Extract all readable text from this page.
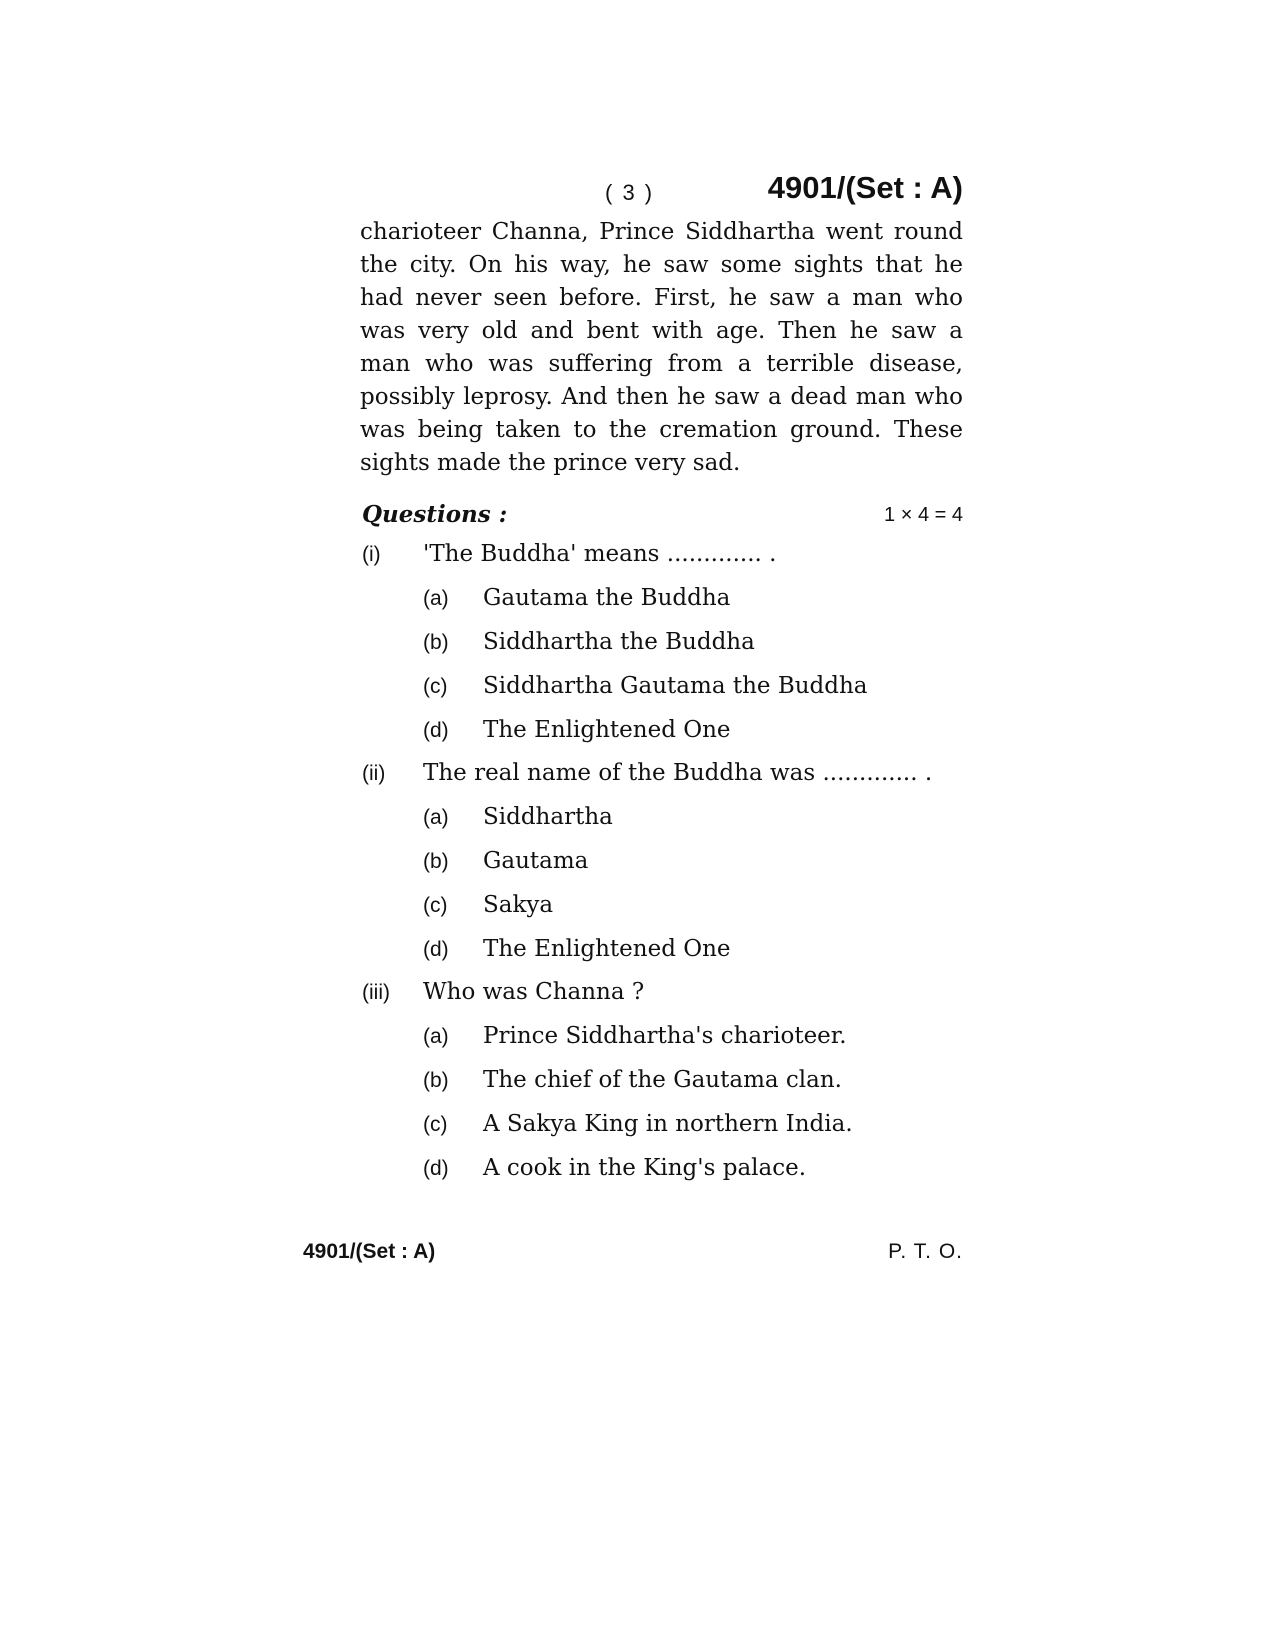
( 3 )	4901/(Set : A)

charioteer Channa, Prince Siddhartha went round the city. On his way, he saw some sights that he had never seen before. First, he saw a man who was very old and bent with age. Then he saw a man who was suffering from a terrible disease, possibly leprosy. And then he saw a dead man who was being taken to the cremation ground. These sights made the prince very sad.

Questions :	1 × 4 = 4
(i) 'The Buddha' means ............. .
(a) Gautama the Buddha
(b) Siddhartha the Buddha
(c) Siddhartha Gautama the Buddha
(d) The Enlightened One
(ii) The real name of the Buddha was ............. .
(a) Siddhartha
(b) Gautama
(c) Sakya
(d) The Enlightened One
(iii) Who was Channa ?
(a) Prince Siddhartha's charioteer.
(b) The chief of the Gautama clan.
(c) A Sakya King in northern India.
(d) A cook in the King's palace.
4901/(Set : A)	P. T. O.
